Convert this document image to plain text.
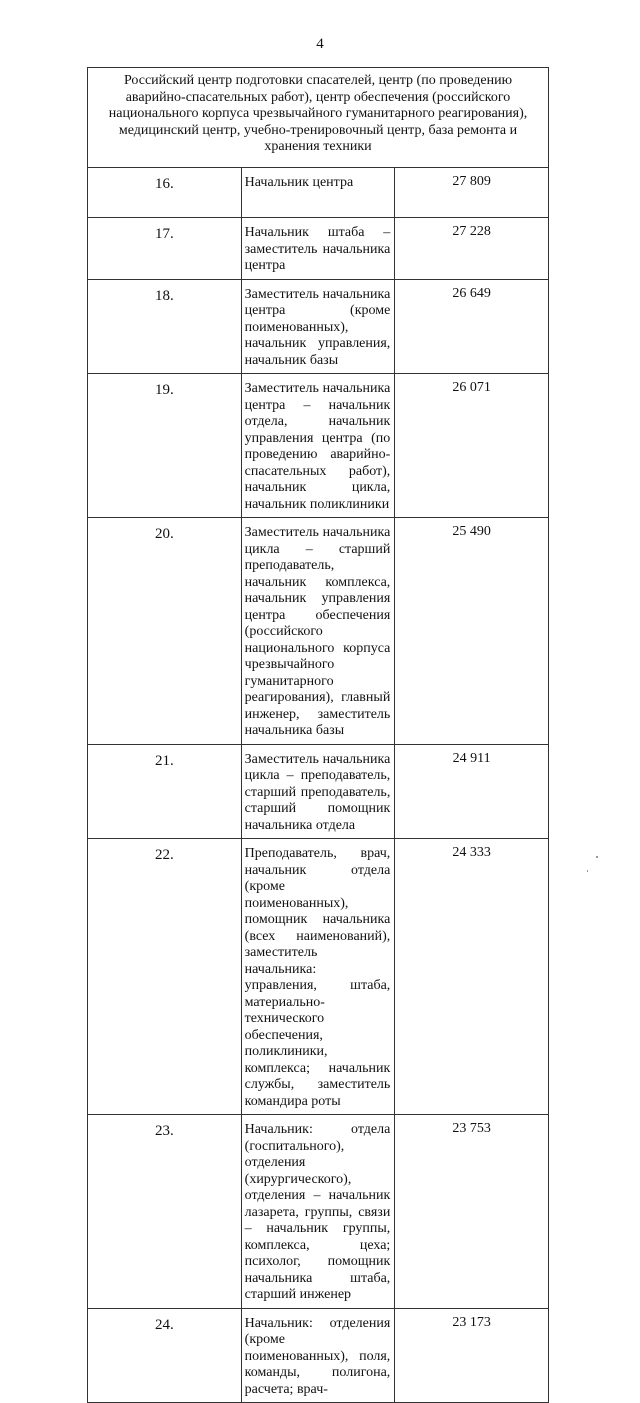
4
Российский центр подготовки спасателей, центр (по проведению аварийно-спасательных работ), центр обеспечения (российского национального корпуса чрезвычайного гуманитарного реагирования), медицинский центр, учебно-тренировочный центр, база ремонта и хранения техники		
16.	Начальник центра	27 809
17.	Начальник штаба – заместитель начальника центра	27 228
18.	Заместитель начальника центра (кроме поименованных), начальник управления, начальник базы	26 649
19.	Заместитель начальника центра – начальник отдела, начальник управления центра (по проведению аварийно-спасательных работ), начальник цикла, начальник поликлиники	26 071
20.	Заместитель начальника цикла – старший преподаватель, начальник комплекса, начальник управления центра обеспечения (российского национального корпуса чрезвычайного гуманитарного реагирования), главный инженер, заместитель начальника базы	25 490
21.	Заместитель начальника цикла – преподаватель, старший преподаватель, старший помощник начальника отдела	24 911
22.	Преподаватель, врач, начальник отдела (кроме поименованных), помощник начальника (всех наименований), заместитель начальника: управления, штаба, материально-технического обеспечения, поликлиники, комплекса; начальник службы, заместитель командира роты	24 333
23.	Начальник: отдела (госпитального), отделения (хирургического), отделения – начальник лазарета, группы, связи – начальник группы, комплекса, цеха; психолог, помощник начальника штаба, старший инженер	23 753
24.	Начальник: отделения (кроме поименованных), поля, команды, полигона, расчета; врач-	23 173
